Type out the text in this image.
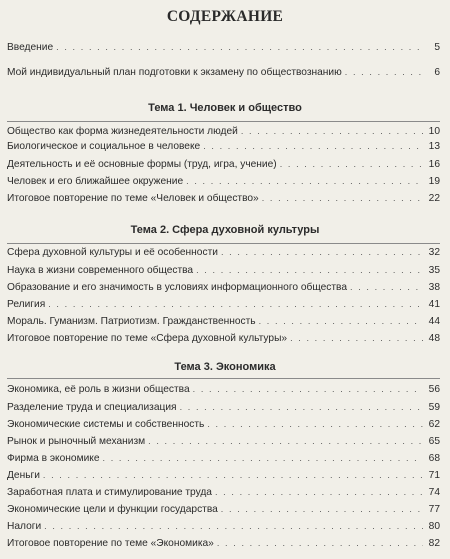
СОДЕРЖАНИЕ
Введение . . .	5
Мой индивидуальный план подготовки к экзамену по обществознанию . . .	6
Тема 1. Человек и общество
Общество как форма жизнедеятельности людей . . .	10
Биологическое и социальное в человеке . . .	13
Деятельность и её основные формы (труд, игра, учение) . . .	16
Человек и его ближайшее окружение . . .	19
Итоговое повторение по теме «Человек и общество» . . .	22
Тема 2. Сфера духовной культуры
Сфера духовной культуры и её особенности . . .	32
Наука в жизни современного общества . . .	35
Образование и его значимость в условиях информационного общества . . .	38
Религия . . .	41
Мораль. Гуманизм. Патриотизм. Гражданственность . . .	44
Итоговое повторение по теме «Сфера духовной культуры» . . .	48
Тема 3. Экономика
Экономика, её роль в жизни общества . . .	56
Разделение труда и специализация . . .	59
Экономические системы и собственность . . .	62
Рынок и рыночный механизм . . .	65
Фирма в экономике . . .	68
Деньги . . .	71
Заработная плата и стимулирование труда . . .	74
Экономические цели и функции государства . . .	77
Налоги . . .	80
Итоговое повторение по теме «Экономика» . . .	82
